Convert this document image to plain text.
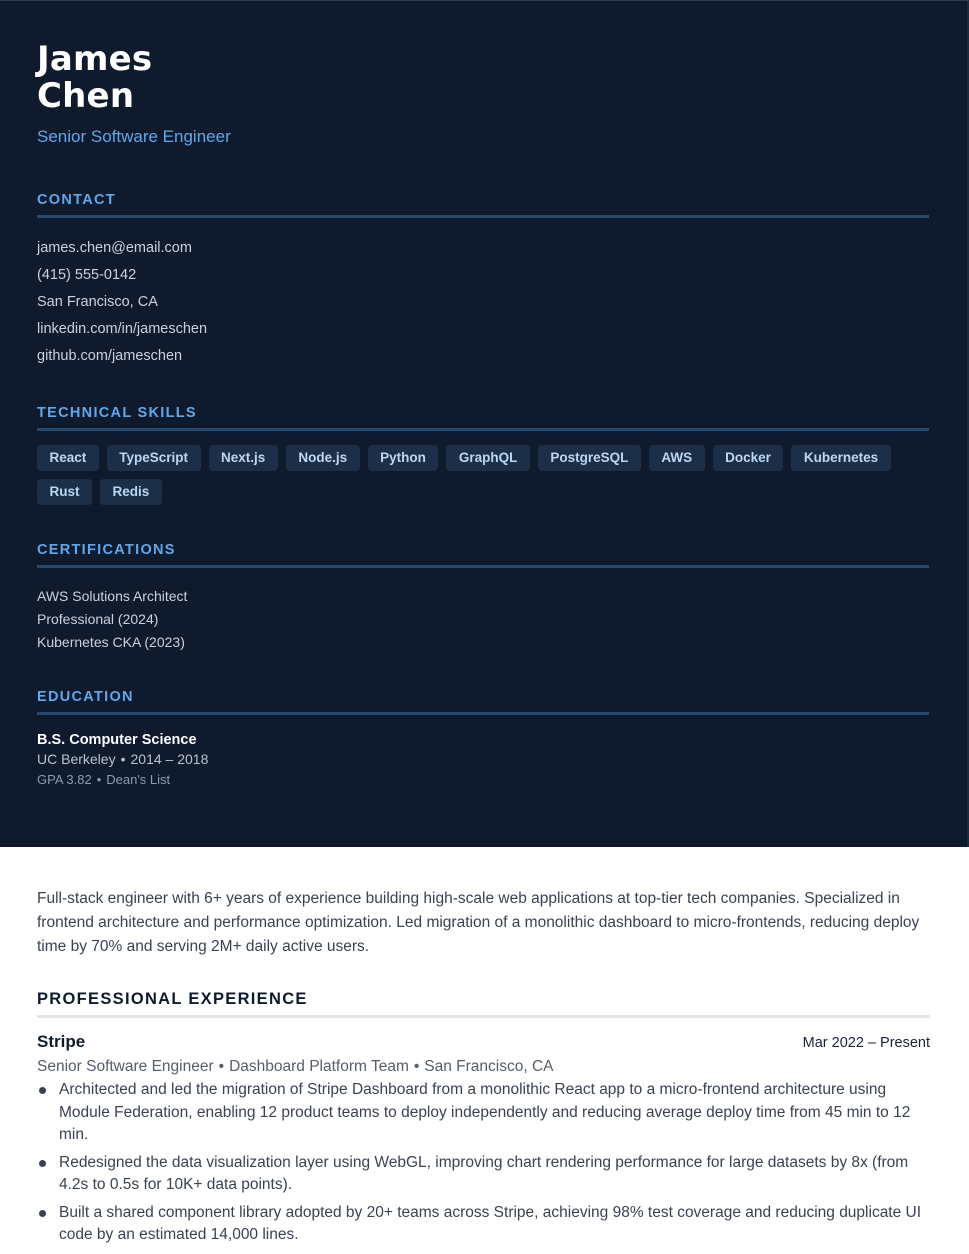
James
Chen
Senior Software Engineer
CONTACT
james.chen@email.com
(415) 555-0142
San Francisco, CA
linkedin.com/in/jameschen
github.com/jameschen
TECHNICAL SKILLS
React	TypeScript	Next.js	Node.js	Python	GraphQL	PostgreSQL	AWS	Docker	Kubernetes
Rust	Redis
CERTIFICATIONS
AWS Solutions Architect
Professional (2024)
Kubernetes CKA (2023)
EDUCATION
B.S. Computer Science
UC Berkeley • 2014 – 2018
GPA 3.82 • Dean's List

Full-stack engineer with 6+ years of experience building high-scale web applications at top-tier tech companies. Specialized in frontend architecture and performance optimization. Led migration of a monolithic dashboard to micro-frontends, reducing deploy time by 70% and serving 2M+ daily active users.

PROFESSIONAL EXPERIENCE
Stripe	Mar 2022 – Present
Senior Software Engineer • Dashboard Platform Team • San Francisco, CA
Architected and led the migration of Stripe Dashboard from a monolithic React app to a micro-frontend architecture using Module Federation, enabling 12 product teams to deploy independently and reducing average deploy time from 45 min to 12 min.
Redesigned the data visualization layer using WebGL, improving chart rendering performance for large datasets by 8x (from 4.2s to 0.5s for 10K+ data points).
Built a shared component library adopted by 20+ teams across Stripe, achieving 98% test coverage and reducing duplicate UI code by an estimated 14,000 lines.
